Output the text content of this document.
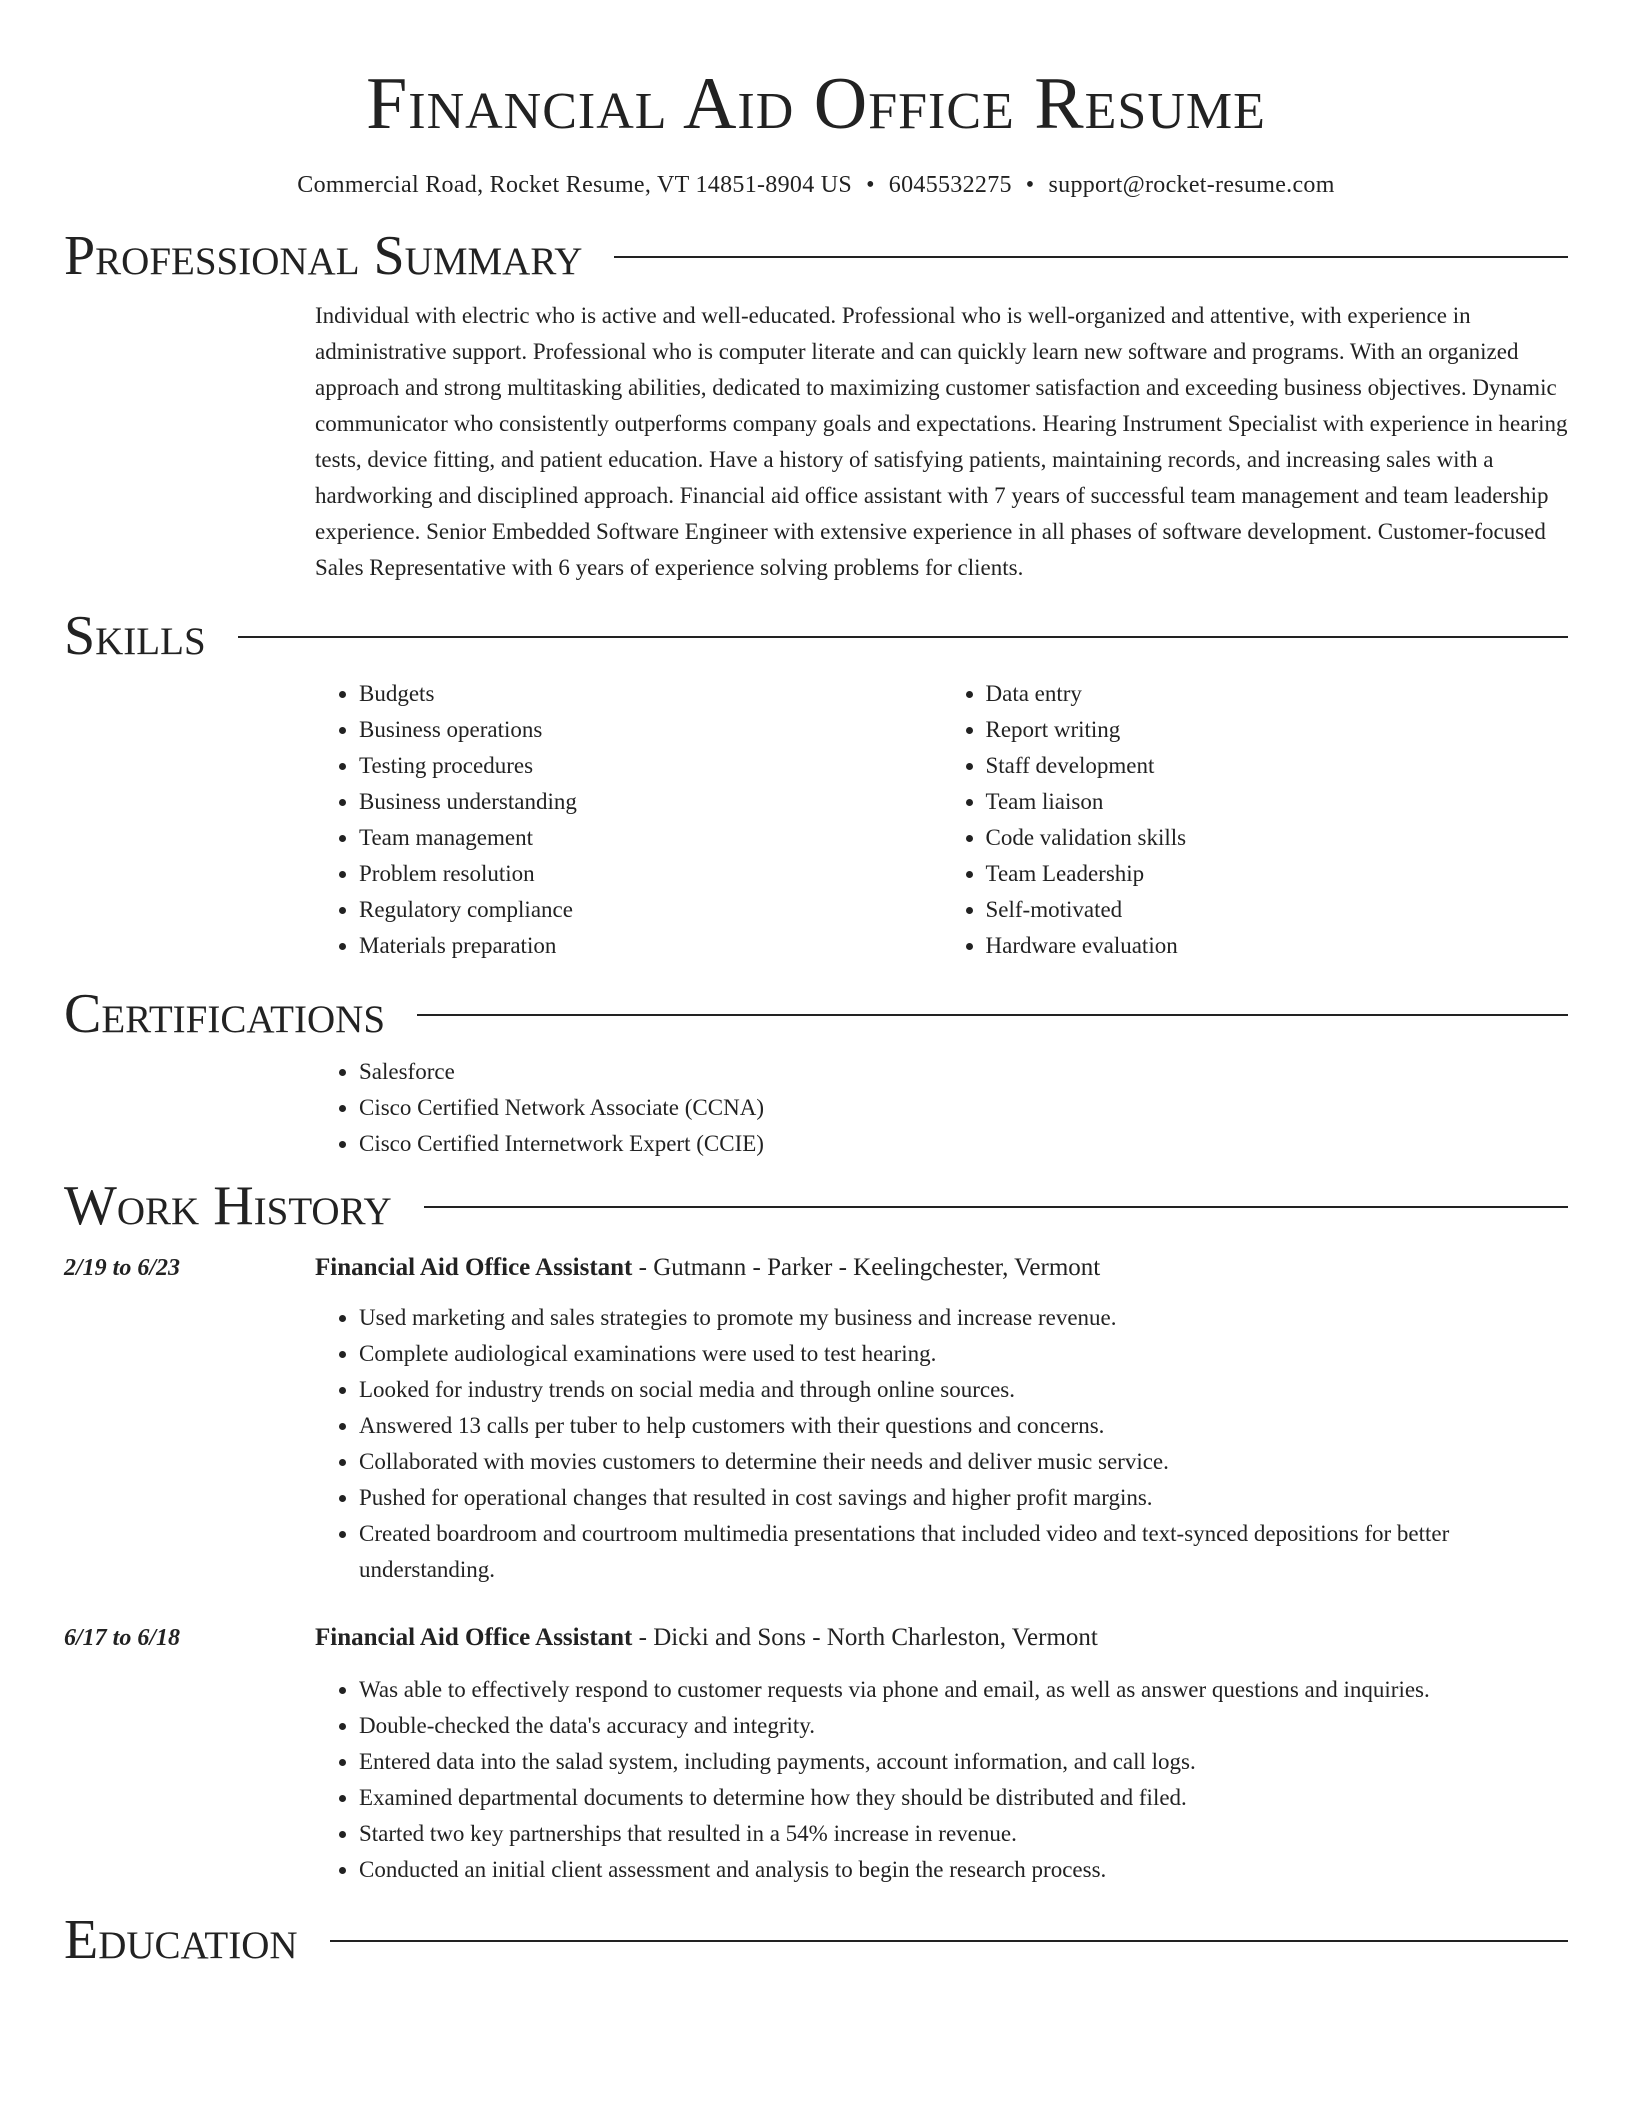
Financial Aid Office Resume
Commercial Road, Rocket Resume, VT 14851-8904 US • 6045532275 • support@rocket-resume.com
Professional Summary

Individual with electric who is active and well-educated. Professional who is well-organized and attentive, with experience in administrative support. Professional who is computer literate and can quickly learn new software and programs. With an organized approach and strong multitasking abilities, dedicated to maximizing customer satisfaction and exceeding business objectives. Dynamic communicator who consistently outperforms company goals and expectations. Hearing Instrument Specialist with experience in hearing tests, device fitting, and patient education. Have a history of satisfying patients, maintaining records, and increasing sales with a hardworking and disciplined approach. Financial aid office assistant with 7 years of successful team management and team leadership experience. Senior Embedded Software Engineer with extensive experience in all phases of software development. Customer-focused Sales Representative with 6 years of experience solving problems for clients.

Skills
• Budgets
• Business operations
• Testing procedures
• Business understanding
• Team management
• Problem resolution
• Regulatory compliance
• Materials preparation
• Data entry
• Report writing
• Staff development
• Team liaison
• Code validation skills
• Team Leadership
• Self-motivated
• Hardware evaluation
Certifications
• Salesforce
• Cisco Certified Network Associate (CCNA)
• Cisco Certified Internetwork Expert (CCIE)
Work History
2/19 to 6/23	Financial Aid Office Assistant - Gutmann - Parker - Keelingchester, Vermont
• Used marketing and sales strategies to promote my business and increase revenue.
• Complete audiological examinations were used to test hearing.
• Looked for industry trends on social media and through online sources.
• Answered 13 calls per tuber to help customers with their questions and concerns.
• Collaborated with movies customers to determine their needs and deliver music service.
• Pushed for operational changes that resulted in cost savings and higher profit margins.
• Created boardroom and courtroom multimedia presentations that included video and text-synced depositions for better understanding.
6/17 to 6/18	Financial Aid Office Assistant - Dicki and Sons - North Charleston, Vermont
• Was able to effectively respond to customer requests via phone and email, as well as answer questions and inquiries.
• Double-checked the data's accuracy and integrity.
• Entered data into the salad system, including payments, account information, and call logs.
• Examined departmental documents to determine how they should be distributed and filed.
• Started two key partnerships that resulted in a 54% increase in revenue.
• Conducted an initial client assessment and analysis to begin the research process.
Education
